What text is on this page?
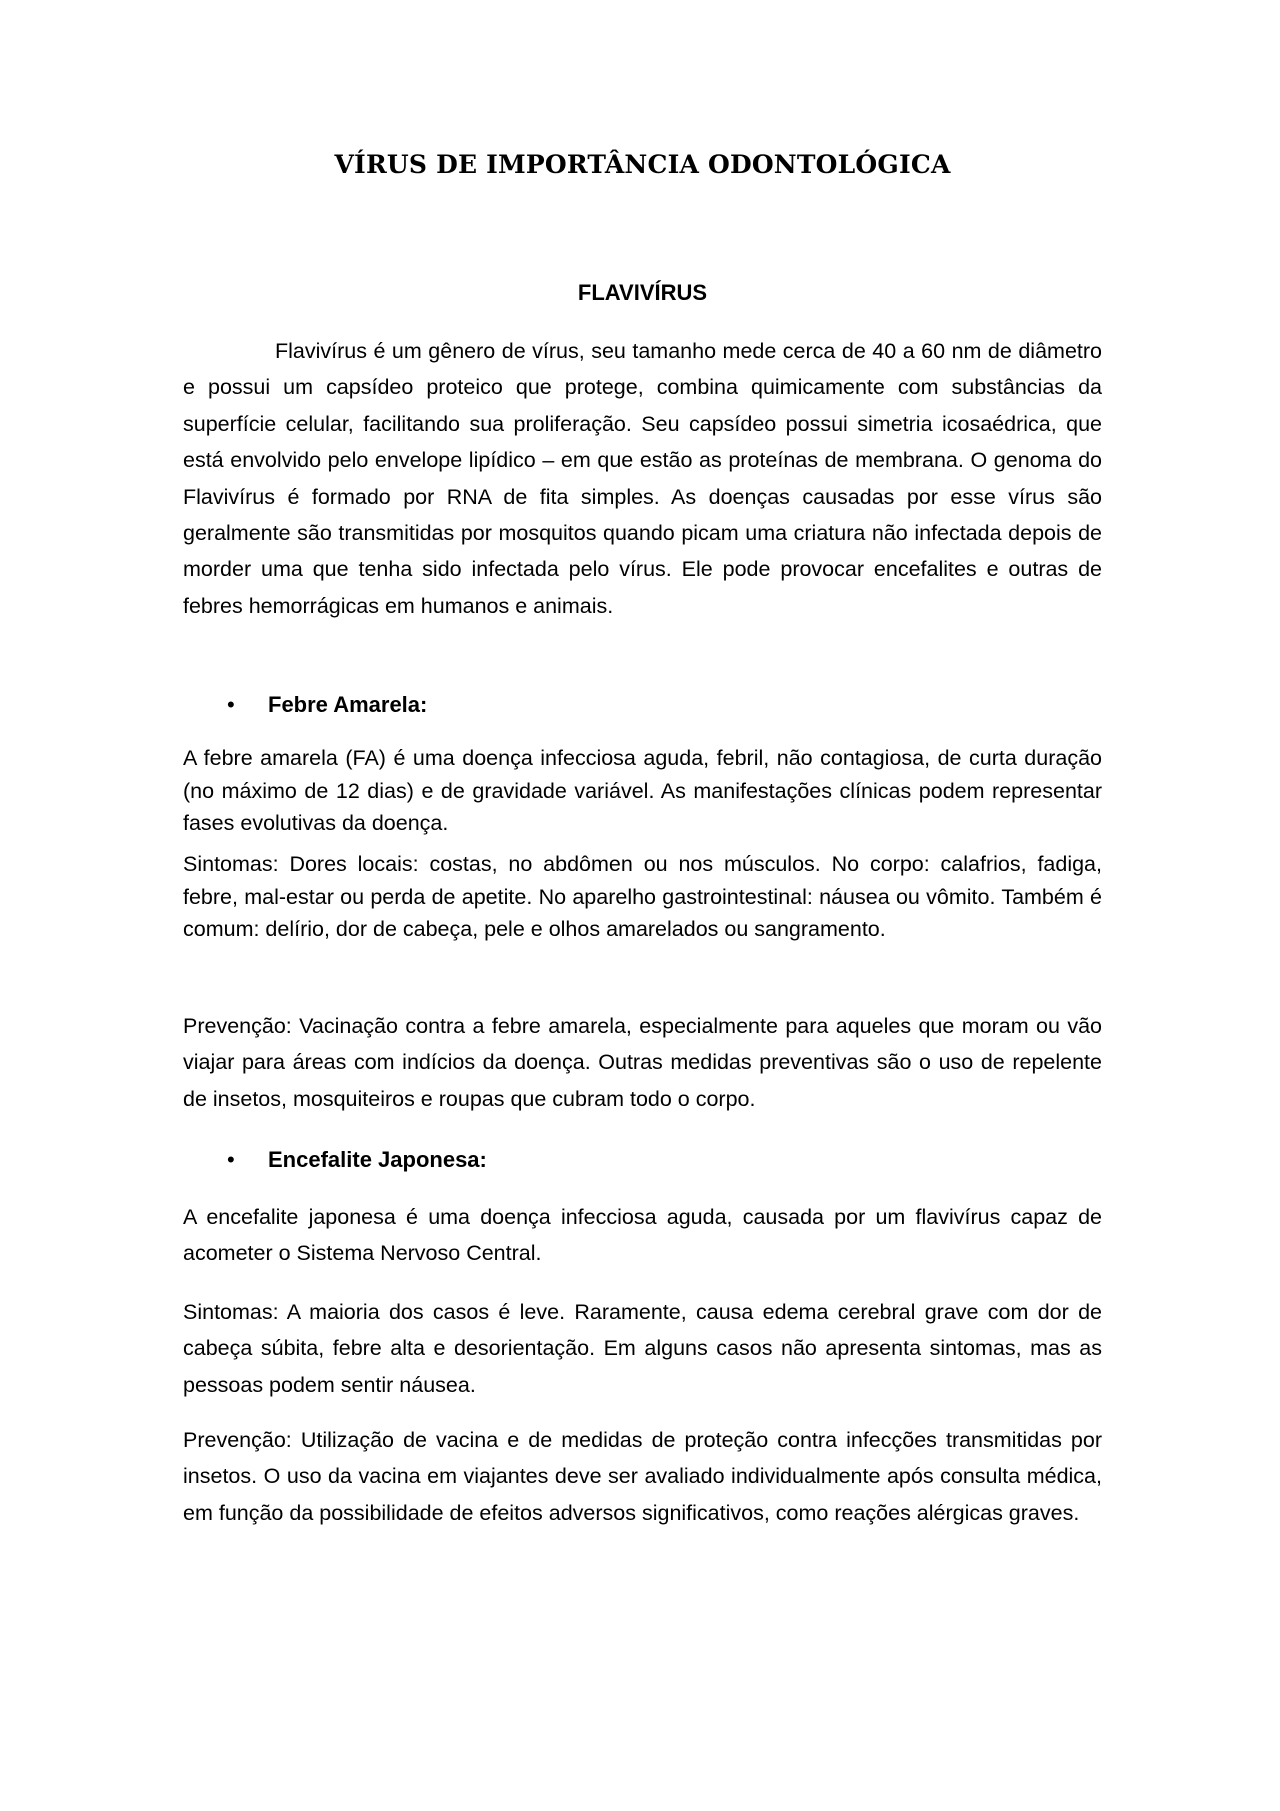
VÍRUS DE IMPORTÂNCIA ODONTOLÓGICA
FLAVIVÍRUS

Flavivírus é um gênero de vírus, seu tamanho mede cerca de 40 a 60 nm de diâmetro e possui um capsídeo proteico que protege, combina quimicamente com substâncias da superfície celular, facilitando sua proliferação. Seu capsídeo possui simetria icosaédrica, que está envolvido pelo envelope lipídico – em que estão as proteínas de membrana. O genoma do Flavivírus é formado por RNA de fita simples. As doenças causadas por esse vírus são geralmente são transmitidas por mosquitos quando picam uma criatura não infectada depois de morder uma que tenha sido infectada pelo vírus. Ele pode provocar encefalites e outras de febres hemorrágicas em humanos e animais.

• Febre Amarela:

A febre amarela (FA) é uma doença infecciosa aguda, febril, não contagiosa, de curta duração (no máximo de 12 dias) e de gravidade variável. As manifestações clínicas podem representar fases evolutivas da doença.

Sintomas: Dores locais: costas, no abdômen ou nos músculos. No corpo: calafrios, fadiga, febre, mal-estar ou perda de apetite. No aparelho gastrointestinal: náusea ou vômito. Também é comum: delírio, dor de cabeça, pele e olhos amarelados ou sangramento.

Prevenção: Vacinação contra a febre amarela, especialmente para aqueles que moram ou vão viajar para áreas com indícios da doença. Outras medidas preventivas são o uso de repelente de insetos, mosquiteiros e roupas que cubram todo o corpo.

• Encefalite Japonesa:

A encefalite japonesa é uma doença infecciosa aguda, causada por um flavivírus capaz de acometer o Sistema Nervoso Central.

Sintomas: A maioria dos casos é leve. Raramente, causa edema cerebral grave com dor de cabeça súbita, febre alta e desorientação. Em alguns casos não apresenta sintomas, mas as pessoas podem sentir náusea.

Prevenção: Utilização de vacina e de medidas de proteção contra infecções transmitidas por insetos. O uso da vacina em viajantes deve ser avaliado individualmente após consulta médica, em função da possibilidade de efeitos adversos significativos, como reações alérgicas graves.
